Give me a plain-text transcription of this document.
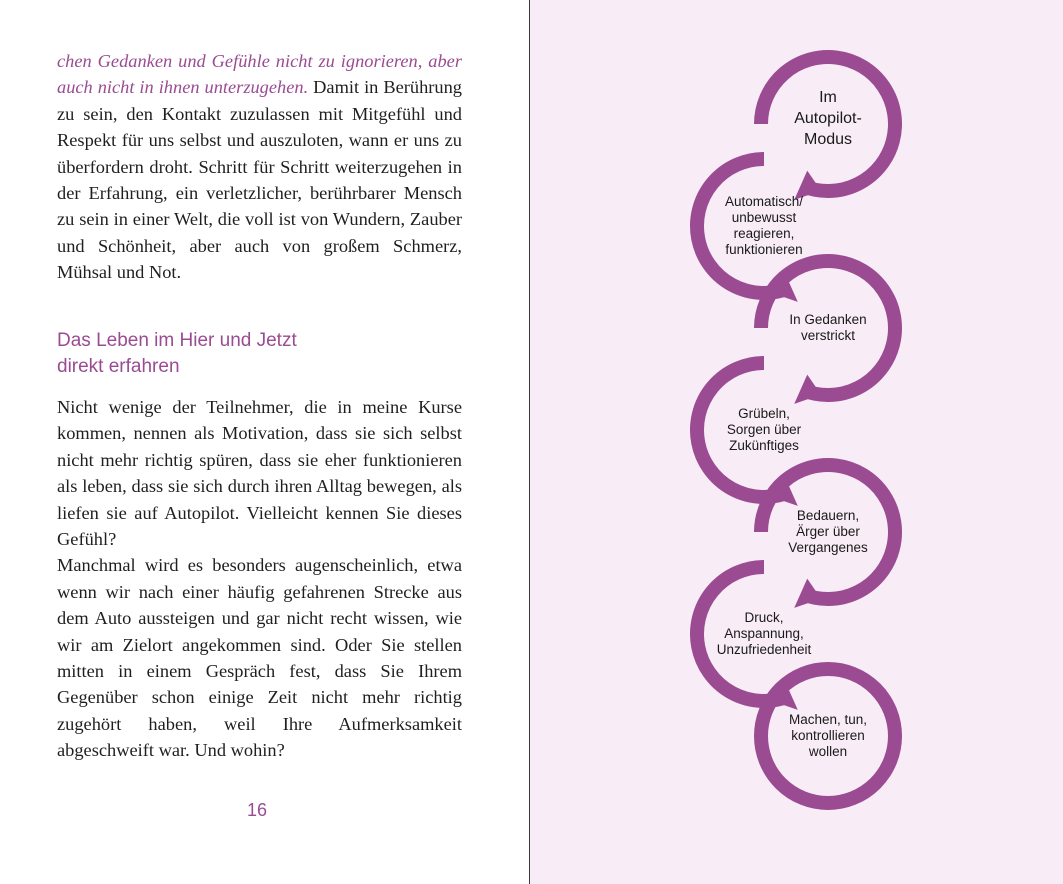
chen Gedanken und Gefühle nicht zu ignorieren, aber auch nicht in ihnen unterzugehen. Damit in Berührung zu sein, den Kontakt zuzulassen mit Mitgefühl und Respekt für uns selbst und auszuloten, wann er uns zu überfordern droht. Schritt für Schritt weiterzugehen in der Erfahrung, ein verletzlicher, berührbarer Mensch zu sein in einer Welt, die voll ist von Wundern, Zauber und Schönheit, aber auch von großem Schmerz, Mühsal und Not.

Das Leben im Hier und Jetzt
direkt erfahren

Nicht wenige der Teilnehmer, die in meine Kurse kommen, nennen als Motivation, dass sie sich selbst nicht mehr richtig spüren, dass sie eher funktionieren als leben, dass sie sich durch ihren Alltag bewegen, als liefen sie auf Autopilot. Vielleicht kennen Sie dieses Gefühl?
Manchmal wird es besonders augenscheinlich, etwa wenn wir nach einer häufig gefahrenen Strecke aus dem Auto aussteigen und gar nicht recht wissen, wie wir am Zielort angekommen sind. Oder Sie stellen mitten in einem Gespräch fest, dass Sie Ihrem Gegenüber schon einige Zeit nicht mehr richtig zugehört haben, weil Ihre Aufmerksamkeit abgeschweift war. Und wohin?

16
Im
Autopilot-
Modus
Automatisch/
unbewusst
reagieren,
funktionieren
In Gedanken
verstrickt
Grübeln,
Sorgen über
Zukünftiges
Bedauern,
Ärger über
Vergangenes
Druck,
Anspannung,
Unzufriedenheit
Machen, tun,
kontrollieren
wollen
